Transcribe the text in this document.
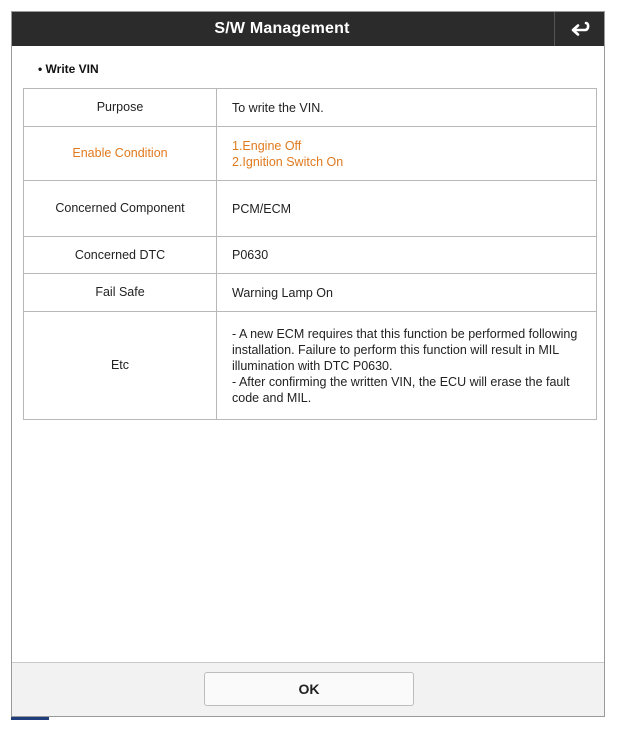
S/W Management
• Write VIN
Purpose	To write the VIN.

Enable Condition	1.Engine Off
2.Ignition Switch On

Concerned Component	PCM/ECM

Concerned DTC	P0630

Fail Safe	Warning Lamp On

Etc	- A new ECM requires that this function be performed following installation. Failure to perform this function will result in MIL illumination with DTC P0630.
- After confirming the written VIN, the ECU will erase the fault code and MIL.
OK
